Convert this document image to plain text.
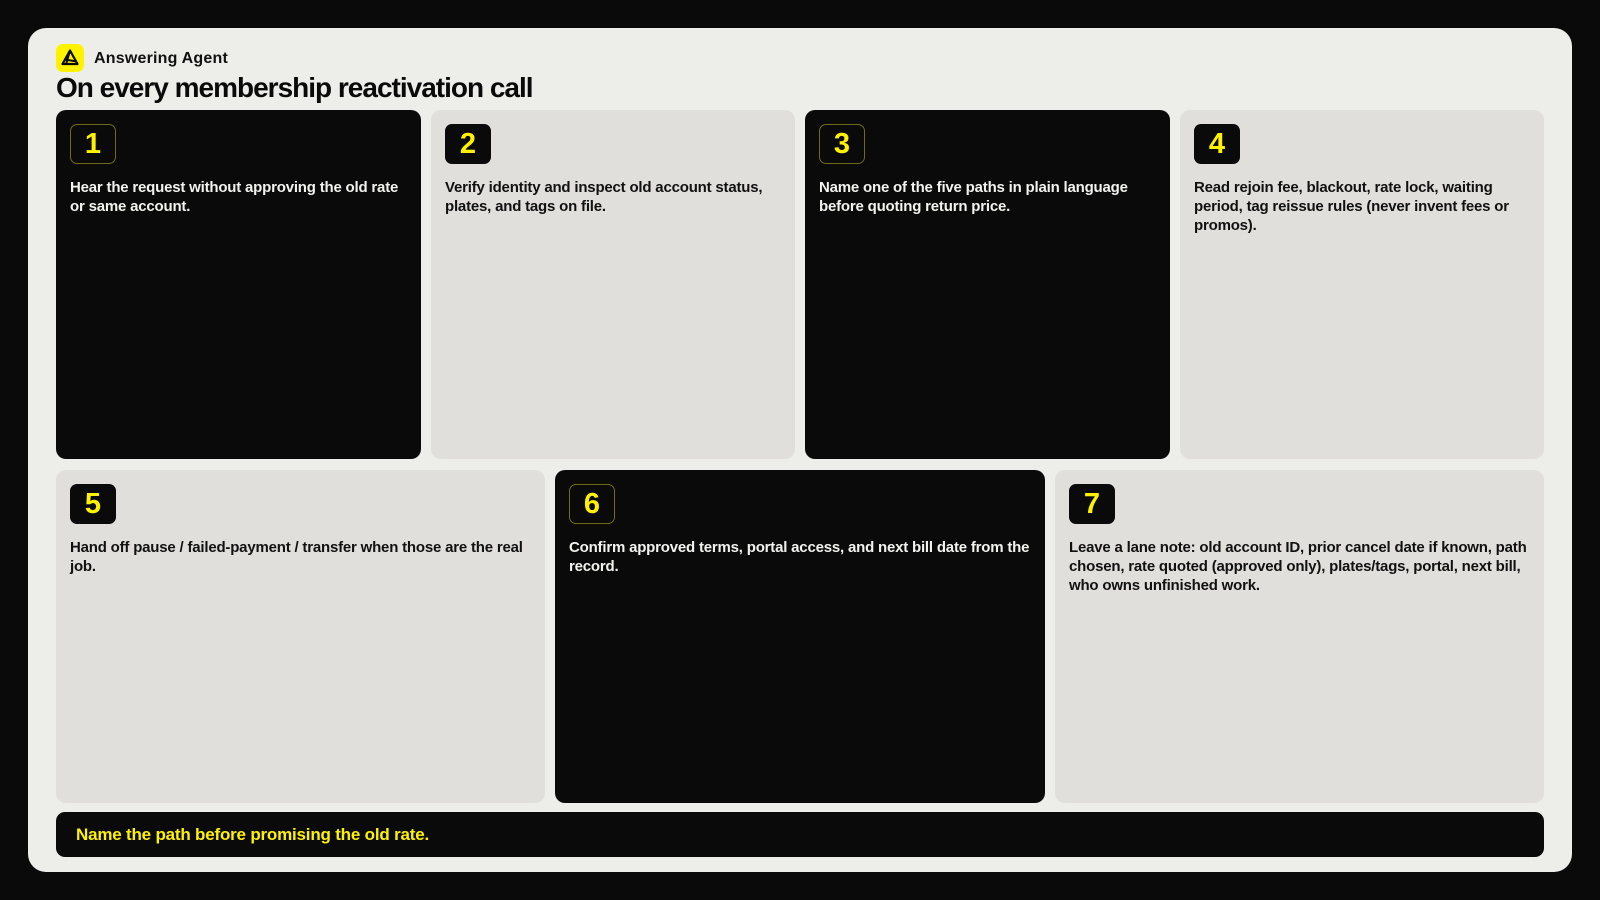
Answering Agent
On every membership reactivation call
1
Hear the request without approving the old rate or same account.
2
Verify identity and inspect old account status, plates, and tags on file.
3
Name one of the five paths in plain language before quoting return price.
4
Read rejoin fee, blackout, rate lock, waiting period, tag reissue rules (never invent fees or promos).
5
Hand off pause / failed-payment / transfer when those are the real job.
6
Confirm approved terms, portal access, and next bill date from the record.
7
Leave a lane note: old account ID, prior cancel date if known, path chosen, rate quoted (approved only), plates/tags, portal, next bill, who owns unfinished work.
Name the path before promising the old rate.
